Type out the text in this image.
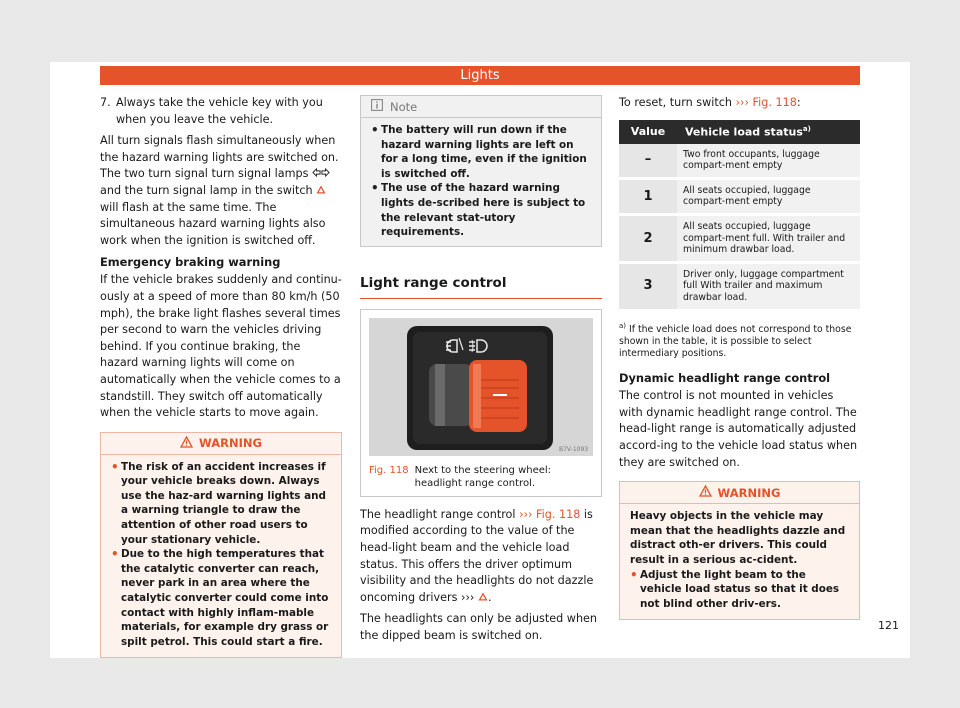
Lights
7. Always take the vehicle key with you when you leave the vehicle.

All turn signals flash simultaneously when the hazard warning lights are switched on. The two turn signal turn signal lamps  and the turn signal lamp in the switch  will flash at the same time. The simultaneous hazard warning lights also work when the ignition is switched off.

Emergency braking warning

If the vehicle brakes suddenly and continu-ously at a speed of more than 80 km/h (50 mph), the brake light flashes several times per second to warn the vehicles driving behind. If you continue braking, the hazard warning lights will come on automatically when the vehicle comes to a standstill. They switch off automatically when the vehicle starts to move again.

WARNING
• The risk of an accident increases if your vehicle breaks down. Always use the haz-ard warning lights and a warning triangle to draw the attention of other road users to your stationary vehicle.
• Due to the high temperatures that the catalytic converter can reach, never park in an area where the catalytic converter could come into contact with highly inflam-mable materials, for example dry grass or spilt petrol. This could start a fire.
Note
• The battery will run down if the hazard warning lights are left on for a long time, even if the ignition is switched off.
• The use of the hazard warning lights de-scribed here is subject to the relevant stat-utory requirements.
Light range control
B7V-1093
Fig. 118 Next to the steering wheel: headlight range control.

The headlight range control ››› Fig. 118 is modified according to the value of the head-light beam and the vehicle load status. This offers the driver optimum visibility and the headlights do not dazzle oncoming drivers ››› .

The headlights can only be adjusted when the dipped beam is switched on.

To reset, turn switch ››› Fig. 118:

Value	Vehicle load status$^{a)}$
–	Two front occupants, luggage compart-ment empty
1	All seats occupied, luggage compart-ment empty
2	All seats occupied, luggage compart-ment full. With trailer and minimum drawbar load.
3	Driver only, luggage compartment full With trailer and maximum drawbar load.

$^{a)}$ If the vehicle load does not correspond to those shown in the table, it is possible to select intermediary positions.

Dynamic headlight range control

The control is not mounted in vehicles with dynamic headlight range control. The head-light range is automatically adjusted accord-ing to the vehicle load status when they are switched on.

WARNING

Heavy objects in the vehicle may mean that the headlights dazzle and distract oth-er drivers. This could result in a serious ac-cident.

• Adjust the light beam to the vehicle load status so that it does not blind other driv-ers.
121
